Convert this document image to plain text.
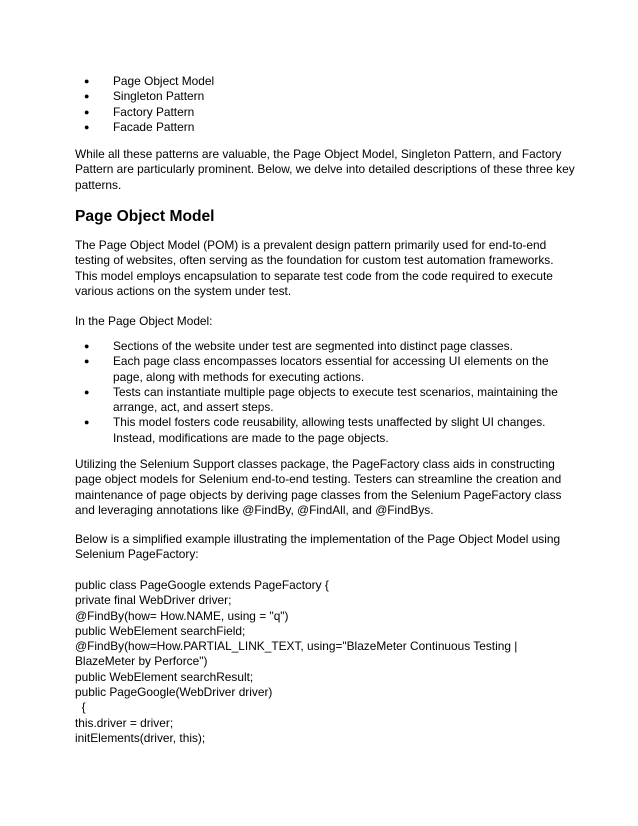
● Page Object Model
● Singleton Pattern
● Factory Pattern
● Facade Pattern

While all these patterns are valuable, the Page Object Model, Singleton Pattern, and Factory Pattern are particularly prominent. Below, we delve into detailed descriptions of these three key patterns.

Page Object Model

The Page Object Model (POM) is a prevalent design pattern primarily used for end-to-end testing of websites, often serving as the foundation for custom test automation frameworks. This model employs encapsulation to separate test code from the code required to execute various actions on the system under test.

In the Page Object Model:

● Sections of the website under test are segmented into distinct page classes.
● Each page class encompasses locators essential for accessing UI elements on the page, along with methods for executing actions.
● Tests can instantiate multiple page objects to execute test scenarios, maintaining the arrange, act, and assert steps.
● This model fosters code reusability, allowing tests unaffected by slight UI changes. Instead, modifications are made to the page objects.

Utilizing the Selenium Support classes package, the PageFactory class aids in constructing page object models for Selenium end-to-end testing. Testers can streamline the creation and maintenance of page objects by deriving page classes from the Selenium PageFactory class and leveraging annotations like @FindBy, @FindAll, and @FindBys.

Below is a simplified example illustrating the implementation of the Page Object Model using Selenium PageFactory:

public class PageGoogle extends PageFactory {
private final WebDriver driver;
@FindBy(how= How.NAME, using = "q")
public WebElement searchField;
@FindBy(how=How.PARTIAL_LINK_TEXT, using="BlazeMeter Continuous Testing | BlazeMeter by Perforce")
public WebElement searchResult;
public PageGoogle(WebDriver driver)
{
this.driver = driver;
initElements(driver, this);
